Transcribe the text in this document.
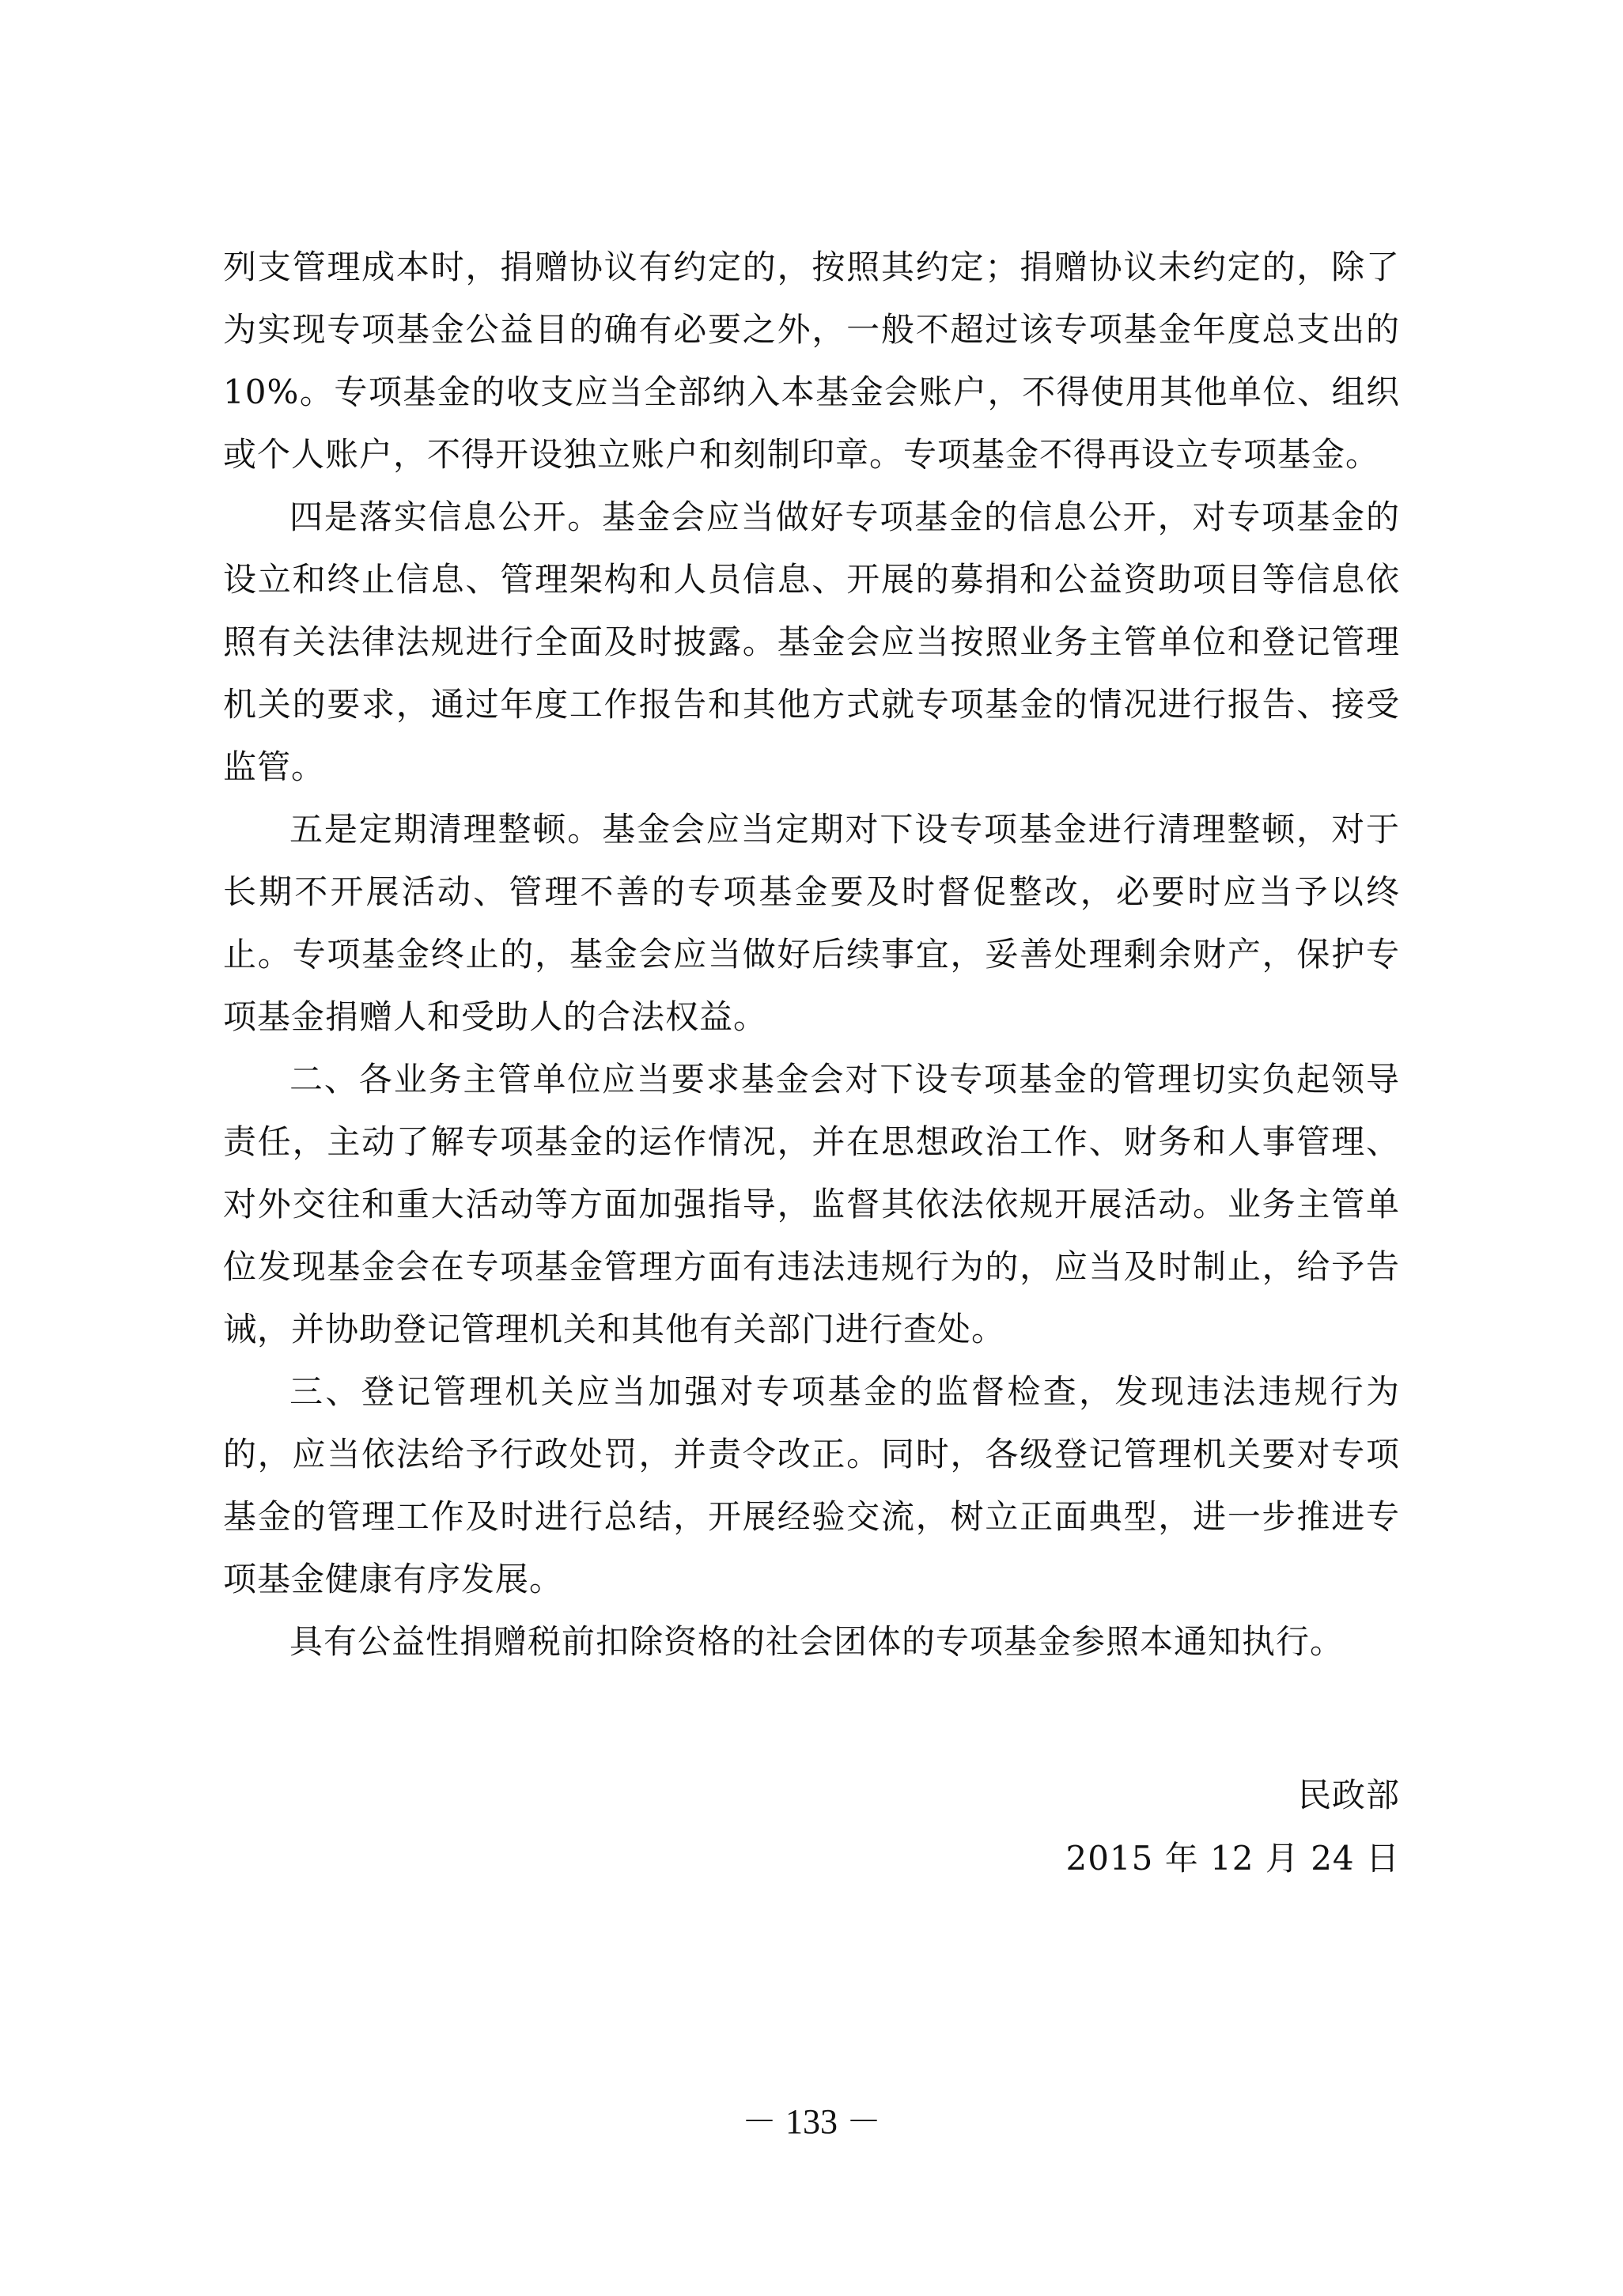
列支管理成本时，捐赠协议有约定的，按照其约定；捐赠协议未约定的，除了为实现专项基金公益目的确有必要之外，一般不超过该专项基金年度总支出的 10%。专项基金的收支应当全部纳入本基金会账户，不得使用其他单位、组织或个人账户，不得开设独立账户和刻制印章。专项基金不得再设立专项基金。

四是落实信息公开。基金会应当做好专项基金的信息公开，对专项基金的设立和终止信息、管理架构和人员信息、开展的募捐和公益资助项目等信息依照有关法律法规进行全面及时披露。基金会应当按照业务主管单位和登记管理机关的要求，通过年度工作报告和其他方式就专项基金的情况进行报告、接受监管。

五是定期清理整顿。基金会应当定期对下设专项基金进行清理整顿，对于长期不开展活动、管理不善的专项基金要及时督促整改，必要时应当予以终止。专项基金终止的，基金会应当做好后续事宜，妥善处理剩余财产，保护专项基金捐赠人和受助人的合法权益。

二、各业务主管单位应当要求基金会对下设专项基金的管理切实负起领导责任，主动了解专项基金的运作情况，并在思想政治工作、财务和人事管理、对外交往和重大活动等方面加强指导，监督其依法依规开展活动。业务主管单位发现基金会在专项基金管理方面有违法违规行为的，应当及时制止，给予告诫，并协助登记管理机关和其他有关部门进行查处。

三、登记管理机关应当加强对专项基金的监督检查，发现违法违规行为的，应当依法给予行政处罚，并责令改正。同时，各级登记管理机关要对专项基金的管理工作及时进行总结，开展经验交流，树立正面典型，进一步推进专项基金健康有序发展。

具有公益性捐赠税前扣除资格的社会团体的专项基金参照本通知执行。

民政部
2015 年 12 月 24 日
－ 133 －
